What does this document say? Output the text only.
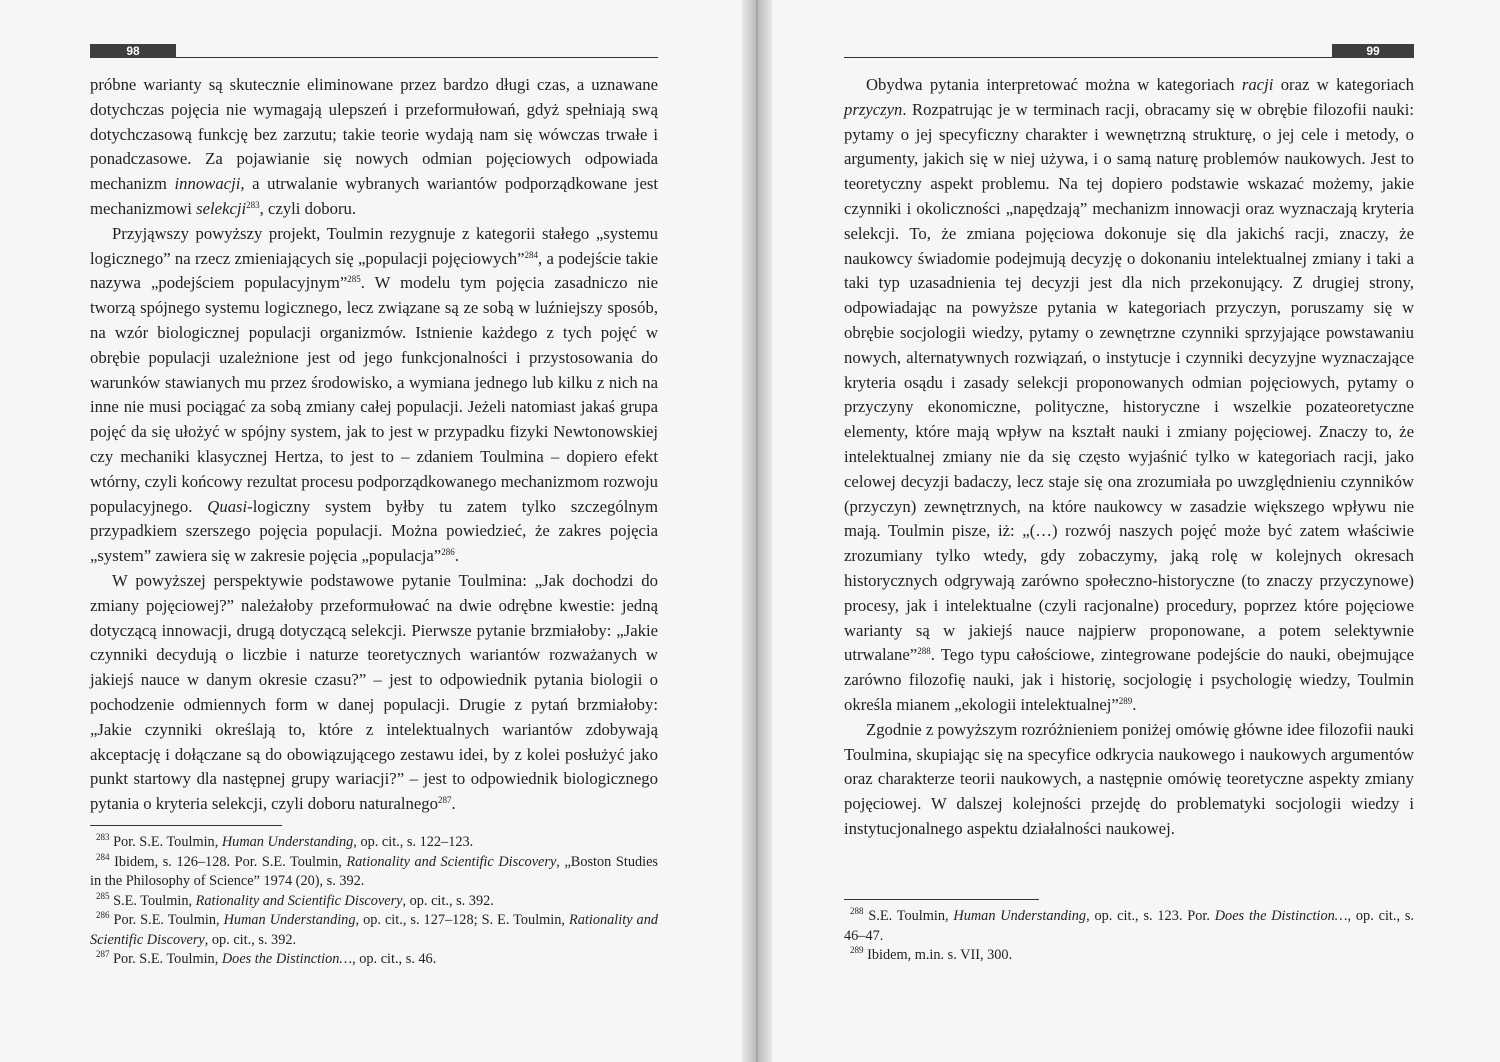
98

próbne warianty są skutecznie eliminowane przez bardzo długi czas, a uznawane dotychczas pojęcia nie wymagają ulepszeń i przeformułowań, gdyż spełniają swą dotychczasową funkcję bez zarzutu; takie teorie wydają nam się wówczas trwałe i ponadczasowe. Za pojawianie się nowych odmian pojęciowych odpowiada mechanizm innowacji, a utrwalanie wybranych wariantów podporządkowane jest mechanizmowi selekcji$^{283}$, czyli doboru.

Przyjąwszy powyższy projekt, Toulmin rezygnuje z kategorii stałego „systemu logicznego” na rzecz zmieniających się „populacji pojęciowych”$^{284}$, a podejście takie nazywa „podejściem populacyjnym”$^{285}$. W modelu tym pojęcia zasadniczo nie tworzą spójnego systemu logicznego, lecz związane są ze sobą w luźniejszy sposób, na wzór biologicznej populacji organizmów. Istnienie każdego z tych pojęć w obrębie populacji uzależnione jest od jego funkcjonalności i przystosowania do warunków stawianych mu przez środowisko, a wymiana jednego lub kilku z nich na inne nie musi pociągać za sobą zmiany całej populacji. Jeżeli natomiast jakaś grupa pojęć da się ułożyć w spójny system, jak to jest w przypadku fizyki Newtonowskiej czy mechaniki klasycznej Hertza, to jest to – zdaniem Toulmina – dopiero efekt wtórny, czyli końcowy rezultat procesu podporządkowanego mechanizmom rozwoju populacyjnego. Quasi-logiczny system byłby tu zatem tylko szczególnym przypadkiem szerszego pojęcia populacji. Można powiedzieć, że zakres pojęcia „system” zawiera się w zakresie pojęcia „populacja”$^{286}$.

W powyższej perspektywie podstawowe pytanie Toulmina: „Jak dochodzi do zmiany pojęciowej?” należałoby przeformułować na dwie odrębne kwestie: jedną dotyczącą innowacji, drugą dotyczącą selekcji. Pierwsze pytanie brzmiałoby: „Jakie czynniki decydują o liczbie i naturze teoretycznych wariantów rozważanych w jakiejś nauce w danym okresie czasu?” – jest to odpowiednik pytania biologii o pochodzenie odmiennych form w danej populacji. Drugie z pytań brzmiałoby: „Jakie czynniki określają to, które z intelektualnych wariantów zdobywają akceptację i dołączane są do obowiązującego zestawu idei, by z kolei posłużyć jako punkt startowy dla następnej grupy wariacji?” – jest to odpowiednik biologicznego pytania o kryteria selekcji, czyli doboru naturalnego$^{287}$.

$^{283}$ Por. S.E. Toulmin, Human Understanding, op. cit., s. 122–123.

$^{284}$ Ibidem, s. 126–128. Por. S.E. Toulmin, Rationality and Scientific Discovery, „Boston Studies in the Philosophy of Science” 1974 (20), s. 392.

$^{285}$ S.E. Toulmin, Rationality and Scientific Discovery, op. cit., s. 392.

$^{286}$ Por. S.E. Toulmin, Human Understanding, op. cit., s. 127–128; S. E. Toulmin, Rationality and Scientific Discovery, op. cit., s. 392.

$^{287}$ Por. S.E. Toulmin, Does the Distinction…, op. cit., s. 46.

99

Obydwa pytania interpretować można w kategoriach racji oraz w kategoriach przyczyn. Rozpatrując je w terminach racji, obracamy się w obrębie filozofii nauki: pytamy o jej specyficzny charakter i wewnętrzną strukturę, o jej cele i metody, o argumenty, jakich się w niej używa, i o samą naturę problemów naukowych. Jest to teoretyczny aspekt problemu. Na tej dopiero podstawie wskazać możemy, jakie czynniki i okoliczności „napędzają” mechanizm innowacji oraz wyznaczają kryteria selekcji. To, że zmiana pojęciowa dokonuje się dla jakichś racji, znaczy, że naukowcy świadomie podejmują decyzję o dokonaniu intelektualnej zmiany i taki a taki typ uzasadnienia tej decyzji jest dla nich przekonujący. Z drugiej strony, odpowiadając na powyższe pytania w kategoriach przyczyn, poruszamy się w obrębie socjologii wiedzy, pytamy o zewnętrzne czynniki sprzyjające powstawaniu nowych, alternatywnych rozwiązań, o instytucje i czynniki decyzyjne wyznaczające kryteria osądu i zasady selekcji proponowanych odmian pojęciowych, pytamy o przyczyny ekonomiczne, polityczne, historyczne i wszelkie pozateoretyczne elementy, które mają wpływ na kształt nauki i zmiany pojęciowej. Znaczy to, że intelektualnej zmiany nie da się często wyjaśnić tylko w kategoriach racji, jako celowej decyzji badaczy, lecz staje się ona zrozumiała po uwzględnieniu czynników (przyczyn) zewnętrznych, na które naukowcy w zasadzie większego wpływu nie mają. Toulmin pisze, iż: „(…) rozwój naszych pojęć może być zatem właściwie zrozumiany tylko wtedy, gdy zobaczymy, jaką rolę w kolejnych okresach historycznych odgrywają zarówno społeczno-historyczne (to znaczy przyczynowe) procesy, jak i intelektualne (czyli racjonalne) procedury, poprzez które pojęciowe warianty są w jakiejś nauce najpierw proponowane, a potem selektywnie utrwalane”$^{288}$. Tego typu całościowe, zintegrowane podejście do nauki, obejmujące zarówno filozofię nauki, jak i historię, socjologię i psychologię wiedzy, Toulmin określa mianem „ekologii intelektualnej”$^{289}$.

Zgodnie z powyższym rozróżnieniem poniżej omówię główne idee filozofii nauki Toulmina, skupiając się na specyfice odkrycia naukowego i naukowych argumentów oraz charakterze teorii naukowych, a następnie omówię teoretyczne aspekty zmiany pojęciowej. W dalszej kolejności przejdę do problematyki socjologii wiedzy i instytucjonalnego aspektu działalności naukowej.

$^{288}$ S.E. Toulmin, Human Understanding, op. cit., s. 123. Por. Does the Distinction…, op. cit., s. 46–47.

$^{289}$ Ibidem, m.in. s. VII, 300.
